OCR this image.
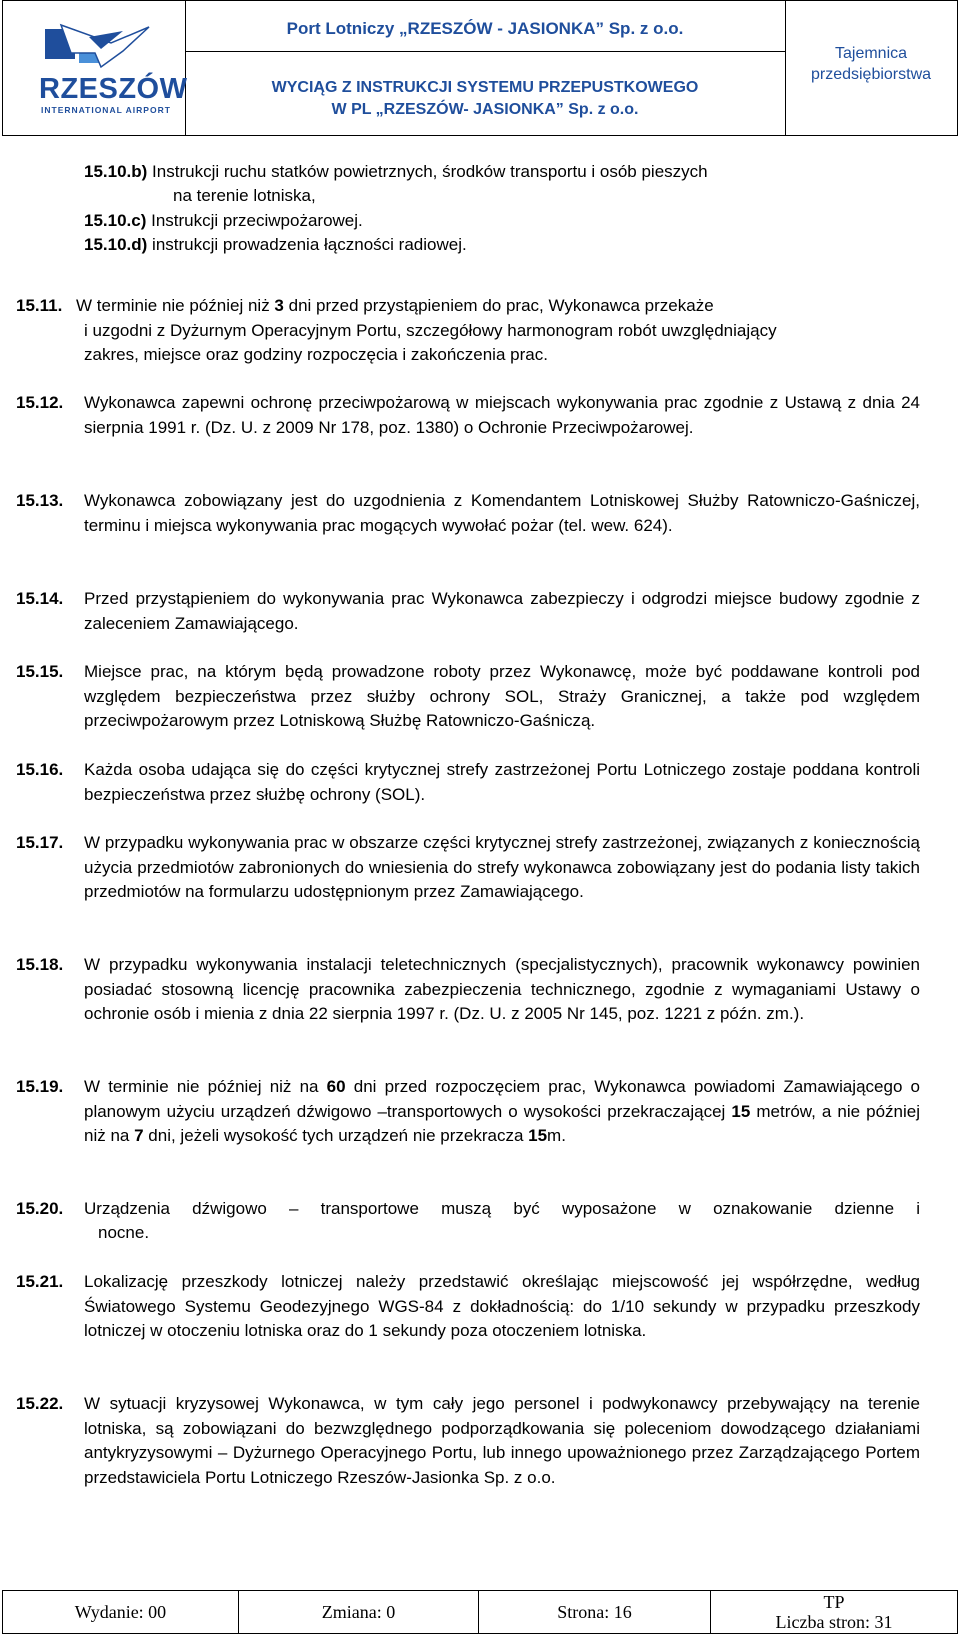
RZESZÓW
INTERNATIONAL AIRPORT
Port Lotniczy „RZESZÓW - JASIONKA” Sp. z o.o.
WYCIĄG Z INSTRUKCJI SYSTEMU PRZEPUSTKOWEGO
W PL „RZESZÓW- JASIONKA” Sp. z o.o.
Tajemnica
przedsiębiorstwa
15.10.b) Instrukcji ruchu statków powietrznych, środków transportu i osób pieszych
na terenie lotniska,
15.10.c) Instrukcji przeciwpożarowej.
15.10.d) instrukcji prowadzenia łączności radiowej.
15.11. W terminie nie później niż 3 dni przed przystąpieniem do prac, Wykonawca przekaże
i uzgodni z Dyżurnym Operacyjnym Portu, szczegółowy harmonogram robót uwzględniający
zakres, miejsce oraz godziny rozpoczęcia i zakończenia prac.
15.12. Wykonawca zapewni ochronę przeciwpożarową w miejscach wykonywania prac zgodnie z Ustawą z dnia 24 sierpnia 1991 r. (Dz. U. z 2009 Nr 178, poz. 1380) o Ochronie Przeciwpożarowej.
15.13. Wykonawca zobowiązany jest do uzgodnienia z Komendantem Lotniskowej Służby Ratowniczo-Gaśniczej, terminu i miejsca wykonywania prac mogących wywołać pożar (tel. wew. 624).
15.14. Przed przystąpieniem do wykonywania prac Wykonawca zabezpieczy i odgrodzi miejsce budowy zgodnie z zaleceniem Zamawiającego.
15.15. Miejsce prac, na którym będą prowadzone roboty przez Wykonawcę, może być poddawane kontroli pod względem bezpieczeństwa przez służby ochrony SOL, Straży Granicznej, a także pod względem przeciwpożarowym przez Lotniskową Służbę Ratowniczo-Gaśniczą.
15.16. Każda osoba udająca się do części krytycznej strefy zastrzeżonej Portu Lotniczego zostaje poddana kontroli bezpieczeństwa przez służbę ochrony (SOL).
15.17. W przypadku wykonywania prac w obszarze części krytycznej strefy zastrzeżonej, związanych z koniecznością użycia przedmiotów zabronionych do wniesienia do strefy wykonawca zobowiązany jest do podania listy takich przedmiotów na formularzu udostępnionym przez Zamawiającego.
15.18. W przypadku wykonywania instalacji teletechnicznych (specjalistycznych), pracownik wykonawcy powinien posiadać stosowną licencję pracownika zabezpieczenia technicznego, zgodnie z wymaganiami Ustawy o ochronie osób i mienia z dnia 22 sierpnia 1997 r. (Dz. U. z 2005 Nr 145, poz. 1221 z późn. zm.).
15.19. W terminie nie później niż na 60 dni przed rozpoczęciem prac, Wykonawca powiadomi Zamawiającego o planowym użyciu urządzeń dźwigowo –transportowych o wysokości przekraczającej 15 metrów, a nie później niż na 7 dni, jeżeli wysokość tych urządzeń nie przekracza 15m.
15.20. Urządzenia dźwigowo – transportowe muszą być wyposażone w oznakowanie dzienne i
nocne.
15.21. Lokalizację przeszkody lotniczej należy przedstawić określając miejscowość jej współrzędne, według Światowego Systemu Geodezyjnego WGS-84 z dokładnością: do 1/10 sekundy w przypadku przeszkody lotniczej w otoczeniu lotniska oraz do 1 sekundy poza otoczeniem lotniska.
15.22. W sytuacji kryzysowej Wykonawca, w tym cały jego personel i podwykonawcy przebywający na terenie lotniska, są zobowiązani do bezwzględnego podporządkowania się poleceniom dowodzącego działaniami antykryzysowymi – Dyżurnego Operacyjnego Portu, lub innego upoważnionego przez Zarządzającego Portem przedstawiciela Portu Lotniczego Rzeszów-Jasionka Sp. z o.o.
Wydanie: 00	Zmiana: 0	Strona: 16	TP
Liczba stron: 31
